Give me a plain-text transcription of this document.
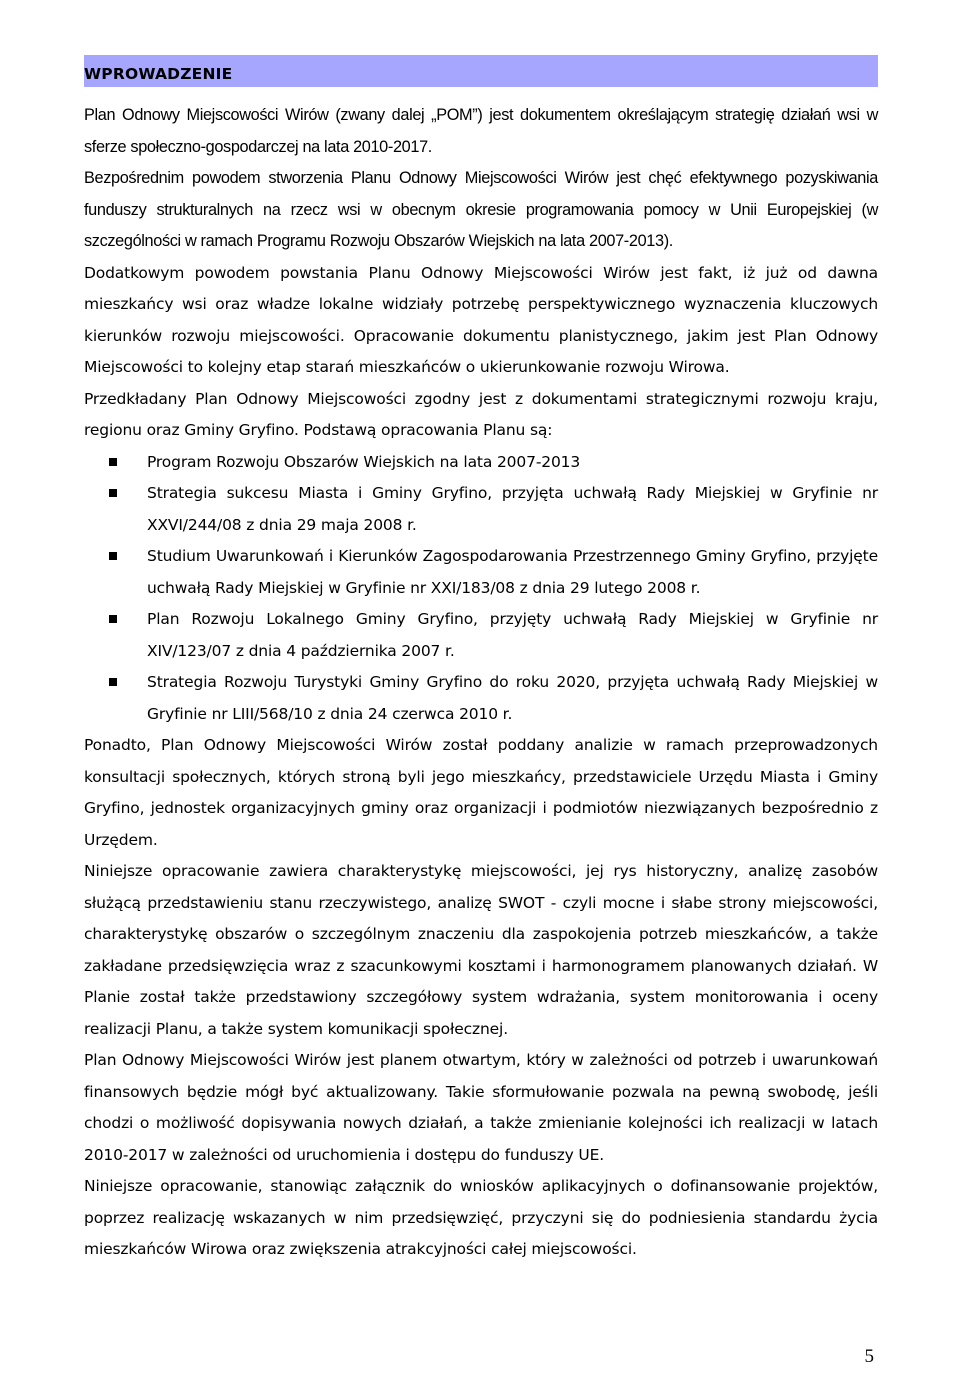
WPROWADZENIE

Plan Odnowy Miejscowości Wirów (zwany dalej „POM”) jest dokumentem określającym strategię działań wsi w sferze społeczno-gospodarczej na lata 2010-2017.

Bezpośrednim powodem stworzenia Planu Odnowy Miejscowości Wirów jest chęć efektywnego pozyskiwania funduszy strukturalnych na rzecz wsi w obecnym okresie programowania pomocy w Unii Europejskiej (w szczególności w ramach Programu Rozwoju Obszarów Wiejskich na lata 2007-2013).

Dodatkowym powodem powstania Planu Odnowy Miejscowości Wirów jest fakt, iż już od dawna mieszkańcy wsi oraz władze lokalne widziały potrzebę perspektywicznego wyznaczenia kluczowych kierunków rozwoju miejscowości. Opracowanie dokumentu planistycznego, jakim jest Plan Odnowy Miejscowości to kolejny etap starań mieszkańców o ukierunkowanie rozwoju Wirowa.

Przedkładany Plan Odnowy Miejscowości zgodny jest z dokumentami strategicznymi rozwoju kraju, regionu oraz Gminy Gryfino. Podstawą opracowania Planu są:

Program Rozwoju Obszarów Wiejskich na lata 2007-2013
Strategia sukcesu Miasta i Gminy Gryfino, przyjęta uchwałą Rady Miejskiej w Gryfinie nr XXVI/244/08 z dnia 29 maja 2008 r.
Studium Uwarunkowań i Kierunków Zagospodarowania Przestrzennego Gminy Gryfino, przyjęte uchwałą Rady Miejskiej w Gryfinie nr XXI/183/08 z dnia 29 lutego 2008 r.
Plan Rozwoju Lokalnego Gminy Gryfino, przyjęty uchwałą Rady Miejskiej w Gryfinie nr XIV/123/07 z dnia 4 października 2007 r.
Strategia Rozwoju Turystyki Gminy Gryfino do roku 2020, przyjęta uchwałą Rady Miejskiej w Gryfinie nr LIII/568/10 z dnia 24 czerwca 2010 r.

Ponadto, Plan Odnowy Miejscowości Wirów został poddany analizie w ramach przeprowadzonych konsultacji społecznych, których stroną byli jego mieszkańcy, przedstawiciele Urzędu Miasta i Gminy Gryfino, jednostek organizacyjnych gminy oraz organizacji i podmiotów niezwiązanych bezpośrednio z Urzędem.

Niniejsze opracowanie zawiera charakterystykę miejscowości, jej rys historyczny, analizę zasobów służącą przedstawieniu stanu rzeczywistego, analizę SWOT - czyli mocne i słabe strony miejscowości, charakterystykę obszarów o szczególnym znaczeniu dla zaspokojenia potrzeb mieszkańców, a także zakładane przedsięwzięcia wraz z szacunkowymi kosztami i harmonogramem planowanych działań. W Planie został także przedstawiony szczegółowy system wdrażania, system monitorowania i oceny realizacji Planu, a także system komunikacji społecznej.

Plan Odnowy Miejscowości Wirów jest planem otwartym, który w zależności od potrzeb i uwarunkowań finansowych będzie mógł być aktualizowany. Takie sformułowanie pozwala na pewną swobodę, jeśli chodzi o możliwość dopisywania nowych działań, a także zmienianie kolejności ich realizacji w latach 2010-2017 w zależności od uruchomienia i dostępu do funduszy UE.

Niniejsze opracowanie, stanowiąc załącznik do wniosków aplikacyjnych o dofinansowanie projektów, poprzez realizację wskazanych w nim przedsięwzięć, przyczyni się do podniesienia standardu życia mieszkańców Wirowa oraz zwiększenia atrakcyjności całej miejscowości.

5
